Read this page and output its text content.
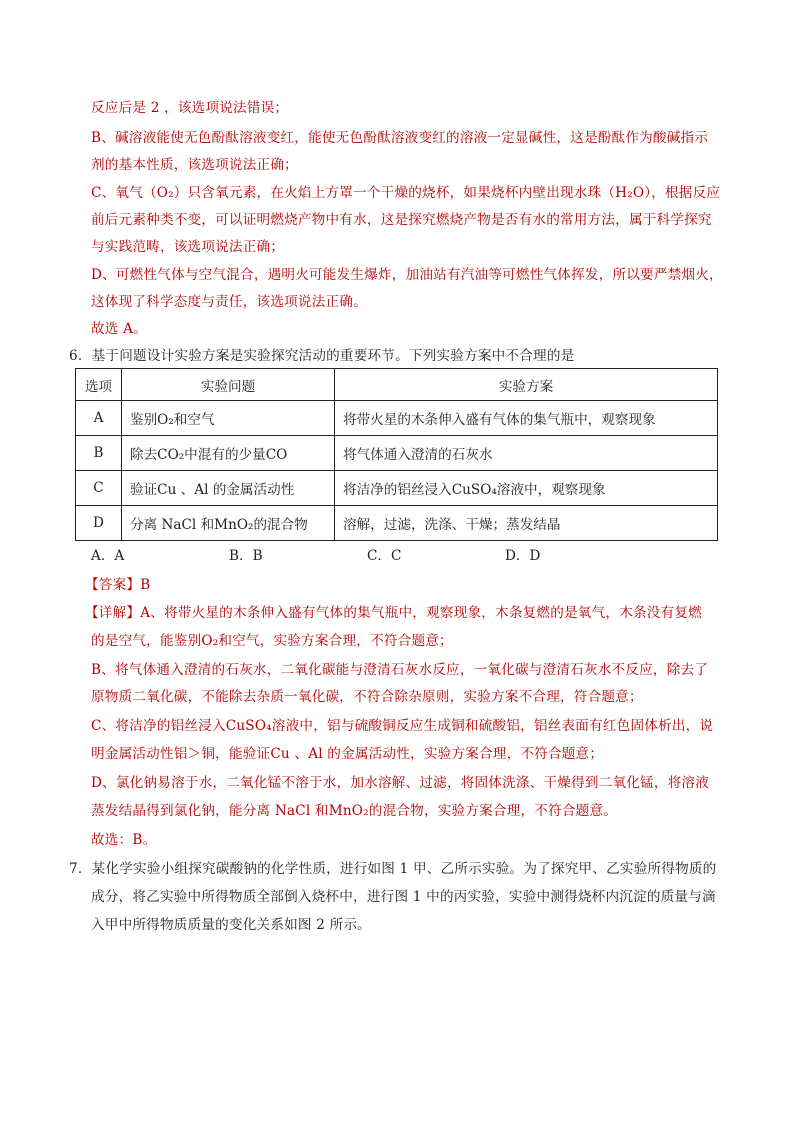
反应后是 2 ，该选项说法错误；
B、碱溶液能使无色酚酞溶液变红，能使无色酚酞溶液变红的溶液一定显碱性，这是酚酞作为酸碱指示
剂的基本性质，该选项说法正确；
C、氧气（O₂）只含氧元素，在火焰上方罩一个干燥的烧杯，如果烧杯内壁出现水珠（H₂O），根据反应
前后元素种类不变，可以证明燃烧产物中有水，这是探究燃烧产物是否有水的常用方法，属于科学探究
与实践范畴，该选项说法正确；
D、可燃性气体与空气混合，遇明火可能发生爆炸，加油站有汽油等可燃性气体挥发，所以要严禁烟火，
这体现了科学态度与责任，该选项说法正确。
故选 A。
6．基于问题设计实验方案是实验探究活动的重要环节。下列实验方案中不合理的是
选项	实验问题	实验方案
A	鉴别O₂和空气	将带火星的木条伸入盛有气体的集气瓶中，观察现象
B	除去CO₂中混有的少量CO	将气体通入澄清的石灰水
C	验证Cu 、Al 的金属活动性	将洁净的铝丝浸入CuSO₄溶液中，观察现象
D	分离 NaCl 和MnO₂的混合物	溶解，过滤，洗涤、干燥；蒸发结晶
A．A	B．B	C．C	D．D
【答案】B
【详解】A、将带火星的木条伸入盛有气体的集气瓶中，观察现象，木条复燃的是氧气，木条没有复燃
的是空气，能鉴别O₂和空气，实验方案合理，不符合题意；
B、将气体通入澄清的石灰水，二氧化碳能与澄清石灰水反应，一氧化碳与澄清石灰水不反应，除去了
原物质二氧化碳，不能除去杂质一氧化碳，不符合除杂原则，实验方案不合理，符合题意；
C、将洁净的铝丝浸入CuSO₄溶液中，铝与硫酸铜反应生成铜和硫酸铝，铝丝表面有红色固体析出，说
明金属活动性铝＞铜，能验证Cu 、Al 的金属活动性，实验方案合理，不符合题意；
D、氯化钠易溶于水，二氧化锰不溶于水，加水溶解、过滤，将固体洗涤、干燥得到二氧化锰，将溶液
蒸发结晶得到氯化钠，能分离 NaCl 和MnO₂的混合物，实验方案合理，不符合题意。
故选：B。
7．某化学实验小组探究碳酸钠的化学性质，进行如图 1 甲、乙所示实验。为了探究甲、乙实验所得物质的
成分，将乙实验中所得物质全部倒入烧杯中，进行图 1 中的丙实验，实验中测得烧杯内沉淀的质量与滴
入甲中所得物质质量的变化关系如图 2 所示。
